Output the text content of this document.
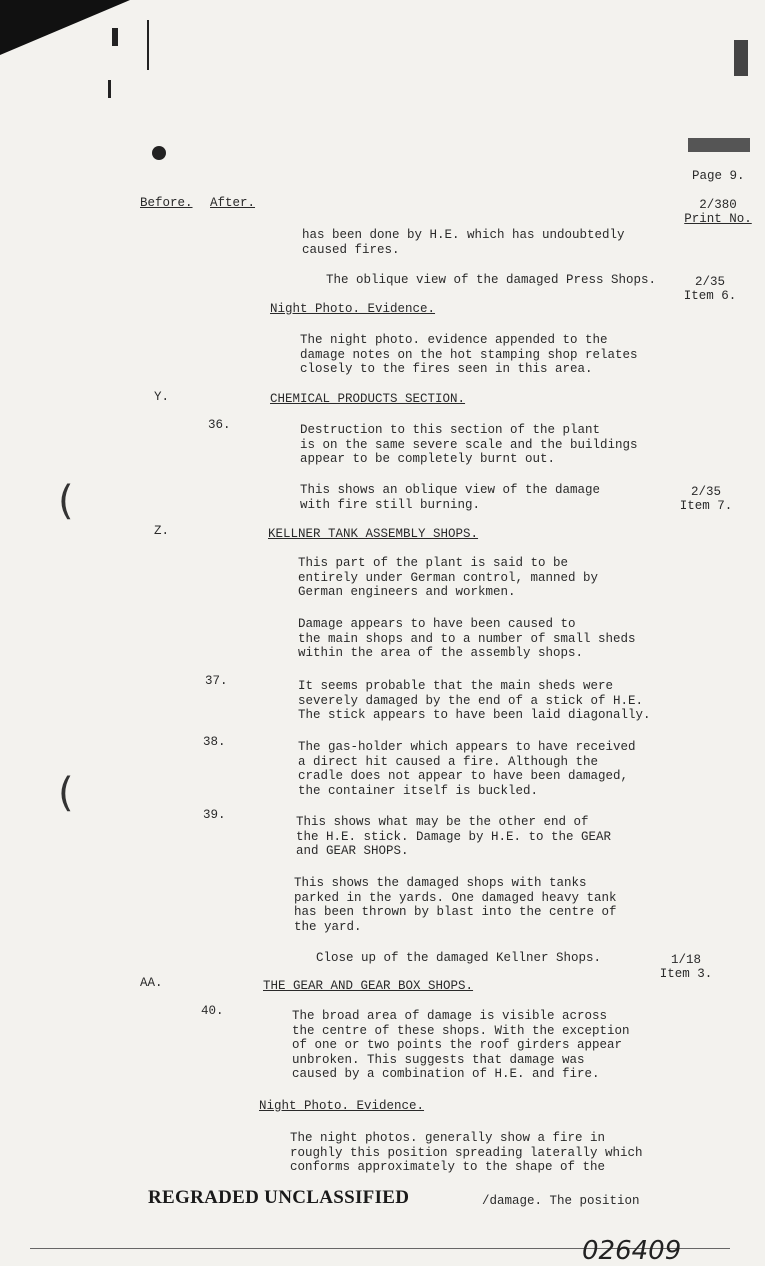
(
(
Page 9.
Before. After.	2/380
Print No.
has been done by H.E. which has undoubtedly
caused fires.
The oblique view of the damaged Press Shops.	2/35
Item 6.
Night Photo. Evidence.
The night photo. evidence appended to the
damage notes on the hot stamping shop relates
closely to the fires seen in this area.
Y.	CHEMICAL PRODUCTS SECTION.
36.	Destruction to this section of the plant
is on the same severe scale and the buildings
appear to be completely burnt out.
This shows an oblique view of the damage
with fire still burning.
2/35
Item 7.
Z.	KELLNER TANK ASSEMBLY SHOPS.
This part of the plant is said to be
entirely under German control, manned by
German engineers and workmen.
Damage appears to have been caused to
the main shops and to a number of small sheds
within the area of the assembly shops.
37.	It seems probable that the main sheds were
severely damaged by the end of a stick of H.E.
The stick appears to have been laid diagonally.
38.	The gas-holder which appears to have received
a direct hit caused a fire. Although the
cradle does not appear to have been damaged,
the container itself is buckled.
39.	This shows what may be the other end of
the H.E. stick. Damage by H.E. to the GEAR
and GEAR SHOPS.
This shows the damaged shops with tanks
parked in the yards. One damaged heavy tank
has been thrown by blast into the centre of
the yard.
Close up of the damaged Kellner Shops.	1/18
Item 3.
AA.	THE GEAR AND GEAR BOX SHOPS.
40.	The broad area of damage is visible across
the centre of these shops. With the exception
of one or two points the roof girders appear
unbroken. This suggests that damage was
caused by a combination of H.E. and fire.
Night Photo. Evidence.
The night photos. generally show a fire in
roughly this position spreading laterally which
conforms approximately to the shape of the
REGRADED UNCLASSIFIED	/damage. The position
026409
